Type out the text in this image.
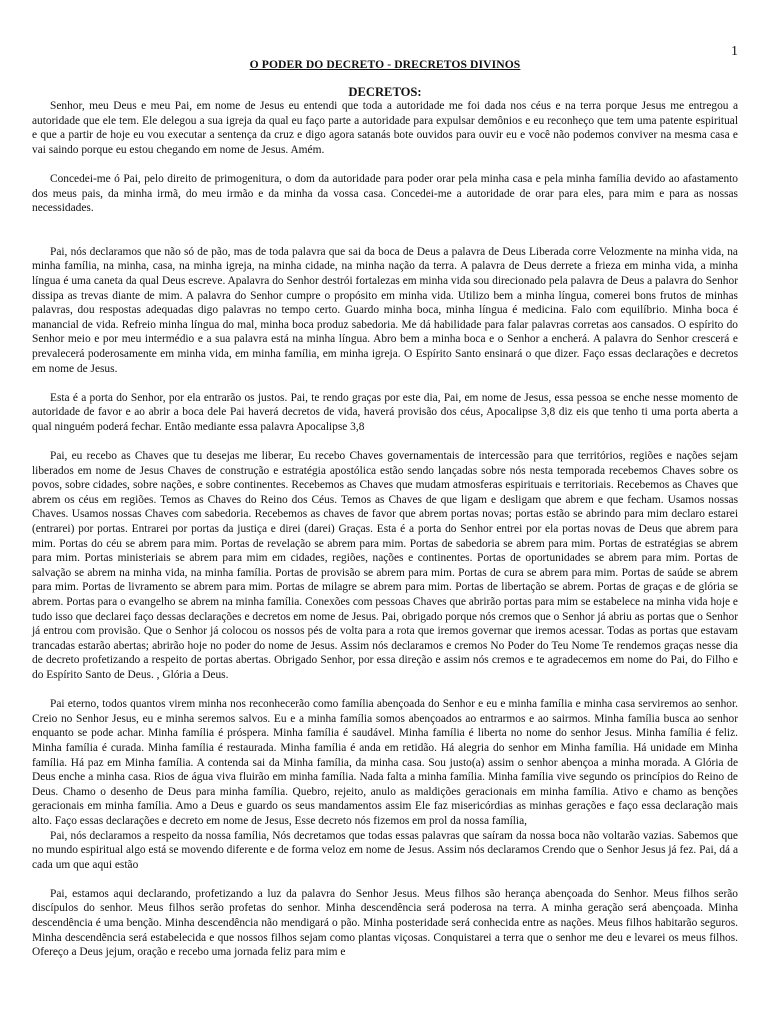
1
O PODER DO DECRETO - DRECRETOS DIVINOS
DECRETOS:

Senhor, meu Deus e meu Pai, em nome de Jesus eu entendi que toda a autoridade me foi dada nos céus e na terra porque Jesus me entregou a autoridade que ele tem. Ele delegou a sua igreja da qual eu faço parte a autoridade para expulsar demônios e eu reconheço que tem uma patente espiritual e que a partir de hoje eu vou executar a sentença da cruz e digo agora satanás bote ouvidos para ouvir eu e você não podemos conviver na mesma casa e vai saindo porque eu estou chegando em nome de Jesus. Amém.

Concedei-me ó Pai, pelo direito de primogenitura, o dom da autoridade para poder orar pela minha casa e pela minha família devido ao afastamento dos meus pais, da minha irmã, do meu irmão e da minha da vossa casa. Concedei-me a autoridade de orar para eles, para mim e para as nossas necessidades.

Pai, nós declaramos que não só de pão, mas de toda palavra que sai da boca de Deus a palavra de Deus Liberada corre Velozmente na minha vida, na minha família, na minha, casa, na minha igreja, na minha cidade, na minha nação da terra. A palavra de Deus derrete a frieza em minha vida, a minha língua é uma caneta da qual Deus escreve. Apalavra do Senhor destrói fortalezas em minha vida sou direcionado pela palavra de Deus a palavra do Senhor dissipa as trevas diante de mim. A palavra do Senhor cumpre o propósito em minha vida. Utilizo bem a minha língua, comerei bons frutos de minhas palavras, dou respostas adequadas digo palavras no tempo certo. Guardo minha boca, minha língua é medicina. Falo com equilíbrio. Minha boca é manancial de vida. Refreio minha língua do mal, minha boca produz sabedoria. Me dá habilidade para falar palavras corretas aos cansados. O espírito do Senhor meio e por meu intermédio e a sua palavra está na minha língua. Abro bem a minha boca e o Senhor a encherá. A palavra do Senhor crescerá e prevalecerá poderosamente em minha vida, em minha família, em minha igreja. O Espírito Santo ensinará o que dizer. Faço essas declarações e decretos em nome de Jesus.

Esta é a porta do Senhor, por ela entrarão os justos. Pai, te rendo graças por este dia, Pai, em nome de Jesus, essa pessoa se enche nesse momento de autoridade de favor e ao abrir a boca dele Pai haverá decretos de vida, haverá provisão dos céus, Apocalipse 3,8 diz eis que tenho ti uma porta aberta a qual ninguém poderá fechar. Então mediante essa palavra Apocalipse 3,8

Pai, eu recebo as Chaves que tu desejas me liberar, Eu recebo Chaves governamentais de intercessão para que territórios, regiões e nações sejam liberados em nome de Jesus Chaves de construção e estratégia apostólica estão sendo lançadas sobre nós nesta temporada recebemos Chaves sobre os povos, sobre cidades, sobre nações, e sobre continentes. Recebemos as Chaves que mudam atmosferas espirituais e territoriais. Recebemos as Chaves que abrem os céus em regiões. Temos as Chaves do Reino dos Céus. Temos as Chaves de que ligam e desligam que abrem e que fecham. Usamos nossas Chaves. Usamos nossas Chaves com sabedoria. Recebemos as chaves de favor que abrem portas novas; portas estão se abrindo para mim declaro estarei (entrarei) por portas. Entrarei por portas da justiça e direi (darei) Graças. Esta é a porta do Senhor entrei por ela portas novas de Deus que abrem para mim. Portas do céu se abrem para mim. Portas de revelação se abrem para mim. Portas de sabedoria se abrem para mim. Portas de estratégias se abrem para mim. Portas ministeriais se abrem para mim em cidades, regiões, nações e continentes. Portas de oportunidades se abrem para mim. Portas de salvação se abrem na minha vida, na minha família. Portas de provisão se abrem para mim. Portas de cura se abrem para mim. Portas de saúde se abrem para mim. Portas de livramento se abrem para mim. Portas de milagre se abrem para mim. Portas de libertação se abrem. Portas de graças e de glória se abrem. Portas para o evangelho se abrem na minha família. Conexões com pessoas Chaves que abrirão portas para mim se estabelece na minha vida hoje e tudo isso que declarei faço dessas declarações e decretos em nome de Jesus. Pai, obrigado porque nós cremos que o Senhor já abriu as portas que o Senhor já entrou com provisão. Que o Senhor já colocou os nossos pés de volta para a rota que iremos governar que iremos acessar. Todas as portas que estavam trancadas estarão abertas; abrirão hoje no poder do nome de Jesus. Assim nós declaramos e cremos No Poder do Teu Nome Te rendemos graças nesse dia de decreto profetizando a respeito de portas abertas. Obrigado Senhor, por essa direção e assim nós cremos e te agradecemos em nome do Pai, do Filho e do Espírito Santo de Deus. , Glória a Deus.

Pai eterno, todos quantos virem minha nos reconhecerão como família abençoada do Senhor e eu e minha família e minha casa serviremos ao senhor. Creio no Senhor Jesus, eu e minha seremos salvos. Eu e a minha família somos abençoados ao entrarmos e ao sairmos. Minha família busca ao senhor enquanto se pode achar. Minha família é próspera. Minha família é saudável. Minha família é liberta no nome do senhor Jesus. Minha família é feliz. Minha família é curada. Minha família é restaurada. Minha família é anda em retidão. Há alegria do senhor em Minha família. Há unidade em Minha família. Há paz em Minha família. A contenda sai da Minha família, da minha casa. Sou justo(a) assim o senhor abençoa a minha morada. A Glória de Deus enche a minha casa. Rios de água viva fluirão em minha família. Nada falta a minha família. Minha família vive segundo os princípios do Reino de Deus. Chamo o desenho de Deus para minha família. Quebro, rejeito, anulo as maldições geracionais em minha família. Ativo e chamo as benções geracionais em minha família. Amo a Deus e guardo os seus mandamentos assim Ele faz misericórdias as minhas gerações e faço essa declaração mais alto. Faço essas declarações e decreto em nome de Jesus, Esse decreto nós fizemos em prol da nossa família,

Pai, nós declaramos a respeito da nossa família, Nós decretamos que todas essas palavras que saíram da nossa boca não voltarão vazias. Sabemos que no mundo espiritual algo está se movendo diferente e de forma veloz em nome de Jesus. Assim nós declaramos Crendo que o Senhor Jesus já fez. Pai, dá a cada um que aqui estão

Pai, estamos aqui declarando, profetizando a luz da palavra do Senhor Jesus. Meus filhos são herança abençoada do Senhor. Meus filhos serão discípulos do senhor. Meus filhos serão profetas do senhor. Minha descendência será poderosa na terra. A minha geração será abençoada. Minha descendência é uma benção. Minha descendência não mendigará o pão. Minha posteridade será conhecida entre as nações. Meus filhos habitarão seguros. Minha descendência será estabelecida e que nossos filhos sejam como plantas viçosas. Conquistarei a terra que o senhor me deu e levarei os meus filhos. Ofereço a Deus jejum, oração e recebo uma jornada feliz para mim e
